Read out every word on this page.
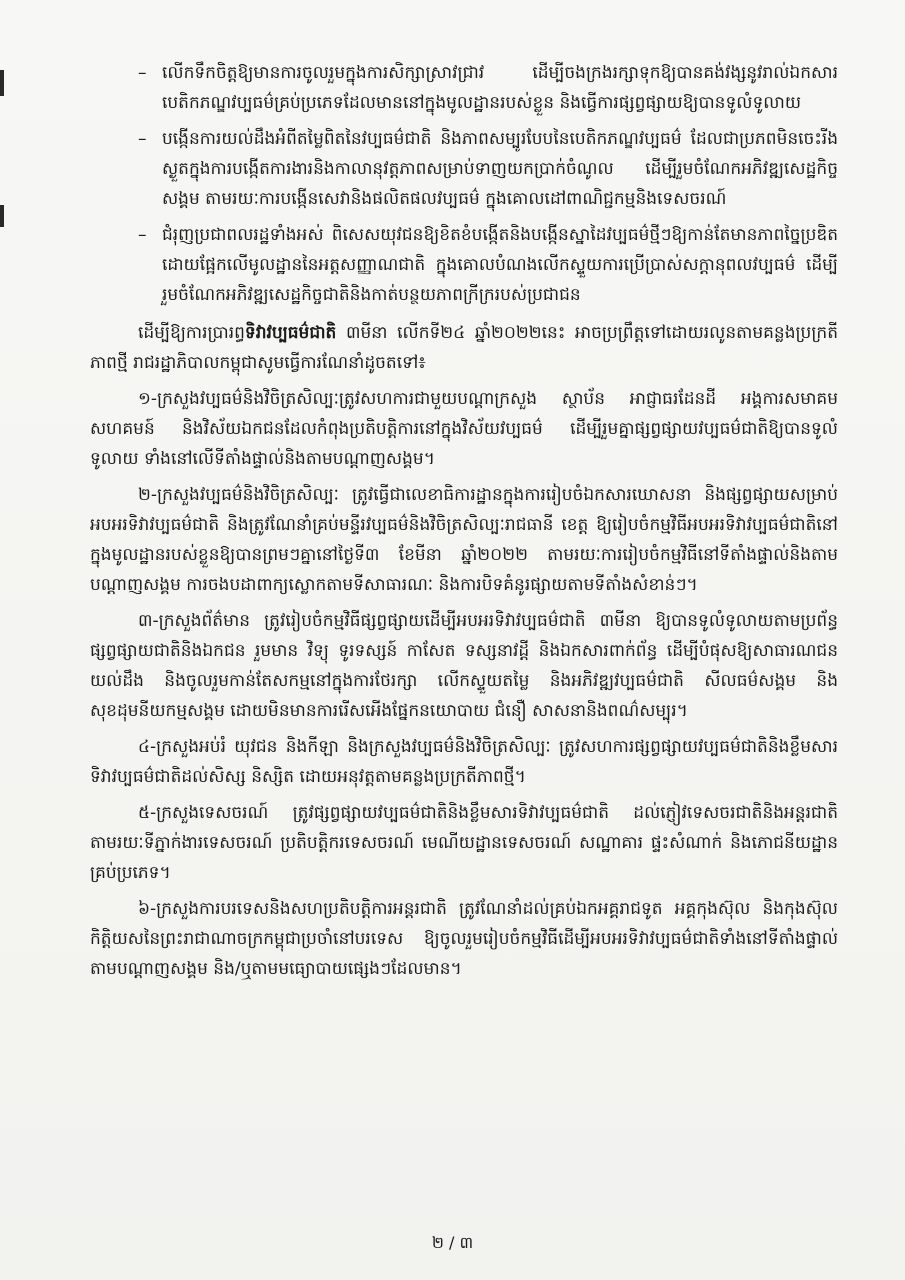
– លើកទឹកចិត្តឱ្យមានការចូលរួមក្នុងការសិក្សាស្រាវជ្រាវ ដើម្បីចងក្រងរក្សាទុកឱ្យបានគង់វង្សនូវរាល់ឯកសារបេតិកភណ្ឌវប្បធម៌គ្រប់ប្រភេទដែលមាននៅក្នុងមូលដ្ឋានរបស់ខ្លួន និងធ្វើការផ្សព្វផ្សាយឱ្យបានទូលំទូលាយ
– បង្កើនការយល់ដឹងអំពីតម្លៃពិតនៃវប្បធម៌ជាតិ និងភាពសម្បូរបែបនៃបេតិកភណ្ឌវប្បធម៌ ដែលជាប្រភពមិនចេះរីងស្ងួតក្នុងការបង្កើតការងារនិងកាលានុវត្តភាពសម្រាប់ទាញយកប្រាក់ចំណូល ដើម្បីរួមចំណែកអភិវឌ្ឍសេដ្ឋកិច្ចសង្គម តាមរយៈការបង្កើនសេវានិងផលិតផលវប្បធម៌ ក្នុងគោលដៅពាណិជ្ជកម្មនិងទេសចរណ៍
– ជំរុញប្រជាពលរដ្ឋទាំងអស់ ពិសេសយុវជនឱ្យខិតខំបង្កើតនិងបង្កើនស្នាដៃវប្បធម៌ថ្មីៗឱ្យកាន់តែមានភាពច្នៃប្រឌិតដោយផ្អែកលើមូលដ្ឋាននៃអត្តសញ្ញាណជាតិ ក្នុងគោលបំណងលើកស្ទួយការប្រើប្រាស់សក្តានុពលវប្បធម៌ ដើម្បីរួមចំណែកអភិវឌ្ឍសេដ្ឋកិច្ចជាតិនិងកាត់បន្ថយភាពក្រីក្ររបស់ប្រជាជន

ដើម្បីឱ្យការប្រារព្ធទិវាវប្បធម៌ជាតិ ៣មីនា លើកទី២៤ ឆ្នាំ២០២២នេះ អាចប្រព្រឹត្តទៅដោយរលូនតាមគន្លងប្រក្រតីភាពថ្មី រាជរដ្ឋាភិបាលកម្ពុជាសូមធ្វើការណែនាំដូចតទៅ៖

១-ក្រសួងវប្បធម៌និងវិចិត្រសិល្បៈត្រូវសហការជាមួយបណ្តាក្រសួង ស្ថាប័ន អាជ្ញាធរដែនដី អង្គការសមាគម សហគមន៍ និងវិស័យឯកជនដែលកំពុងប្រតិបត្តិការនៅក្នុងវិស័យវប្បធម៌ ដើម្បីរួមគ្នាផ្សព្វផ្សាយវប្បធម៌ជាតិឱ្យបានទូលំទូលាយ ទាំងនៅលើទីតាំងផ្ទាល់និងតាមបណ្តាញសង្គម។

២-ក្រសួងវប្បធម៌និងវិចិត្រសិល្បៈ ត្រូវធ្វើជាលេខាធិការដ្ឋានក្នុងការរៀបចំឯកសារឃោសនា និងផ្សព្វផ្សាយសម្រាប់អបអរទិវាវប្បធម៌ជាតិ និងត្រូវណែនាំគ្រប់មន្ទីរវប្បធម៌និងវិចិត្រសិល្បៈរាជធានី ខេត្ត ឱ្យរៀបចំកម្មវិធីអបអរទិវាវប្បធម៌ជាតិនៅក្នុងមូលដ្ឋានរបស់ខ្លួនឱ្យបានព្រមៗគ្នានៅថ្ងៃទី៣ ខែមីនា ឆ្នាំ២០២២ តាមរយៈការរៀបចំកម្មវិធីនៅទីតាំងផ្ទាល់និងតាមបណ្តាញសង្គម ការចងបដាពាក្យស្លោកតាមទីសាធារណៈ និងការបិទគំនូរផ្សាយតាមទីតាំងសំខាន់ៗ។

៣-ក្រសួងព័ត៌មាន ត្រូវរៀបចំកម្មវិធីផ្សព្វផ្សាយដើម្បីអបអរទិវាវប្បធម៌ជាតិ ៣មីនា ឱ្យបានទូលំទូលាយតាមប្រព័ន្ធផ្សព្វផ្សាយជាតិនិងឯកជន រួមមាន វិទ្យុ ទូរទស្សន៍ កាសែត ទស្សនាវដ្តី និងឯកសារពាក់ព័ន្ធ ដើម្បីបំផុសឱ្យសាធារណជនយល់ដឹង និងចូលរួមកាន់តែសកម្មនៅក្នុងការថែរក្សា លើកស្ទួយតម្លៃ និងអភិវឌ្ឍវប្បធម៌ជាតិ សីលធម៌សង្គម និងសុខដុមនីយកម្មសង្គម ដោយមិនមានការរើសអើងផ្នែកនយោបាយ ជំនឿ សាសនានិងពណ៌សម្បុរ។

៤-ក្រសួងអប់រំ យុវជន និងកីឡា និងក្រសួងវប្បធម៌និងវិចិត្រសិល្បៈ ត្រូវសហការផ្សព្វផ្សាយវប្បធម៌ជាតិនិងខ្លឹមសារទិវាវប្បធម៌ជាតិដល់សិស្ស និស្សិត ដោយអនុវត្តតាមគន្លងប្រក្រតីភាពថ្មី។

៥-ក្រសួងទេសចរណ៍ ត្រូវផ្សព្វផ្សាយវប្បធម៌ជាតិនិងខ្លឹមសារទិវាវប្បធម៌ជាតិ ដល់ភ្ញៀវទេសចរជាតិនិងអន្តរជាតិ តាមរយៈទីភ្នាក់ងារទេសចរណ៍ ប្រតិបត្តិករទេសចរណ៍ មេណីយដ្ឋានទេសចរណ៍ សណ្ឋាគារ ផ្ទះសំណាក់ និងភោជនីយដ្ឋានគ្រប់ប្រភេទ។

៦-ក្រសួងការបរទេសនិងសហប្រតិបត្តិការអន្តរជាតិ ត្រូវណែនាំដល់គ្រប់ឯកអគ្គរាជទូត អគ្គកុងស៊ុល និងកុងស៊ុលកិត្តិយសនៃព្រះរាជាណាចក្រកម្ពុជាប្រចាំនៅបរទេស ឱ្យចូលរួមរៀបចំកម្មវិធីដើម្បីអបអរទិវាវប្បធម៌ជាតិទាំងនៅទីតាំងផ្ទាល់ តាមបណ្តាញសង្គម និង/ឬតាមមធ្យោបាយផ្សេងៗដែលមាន។

២ / ៣
